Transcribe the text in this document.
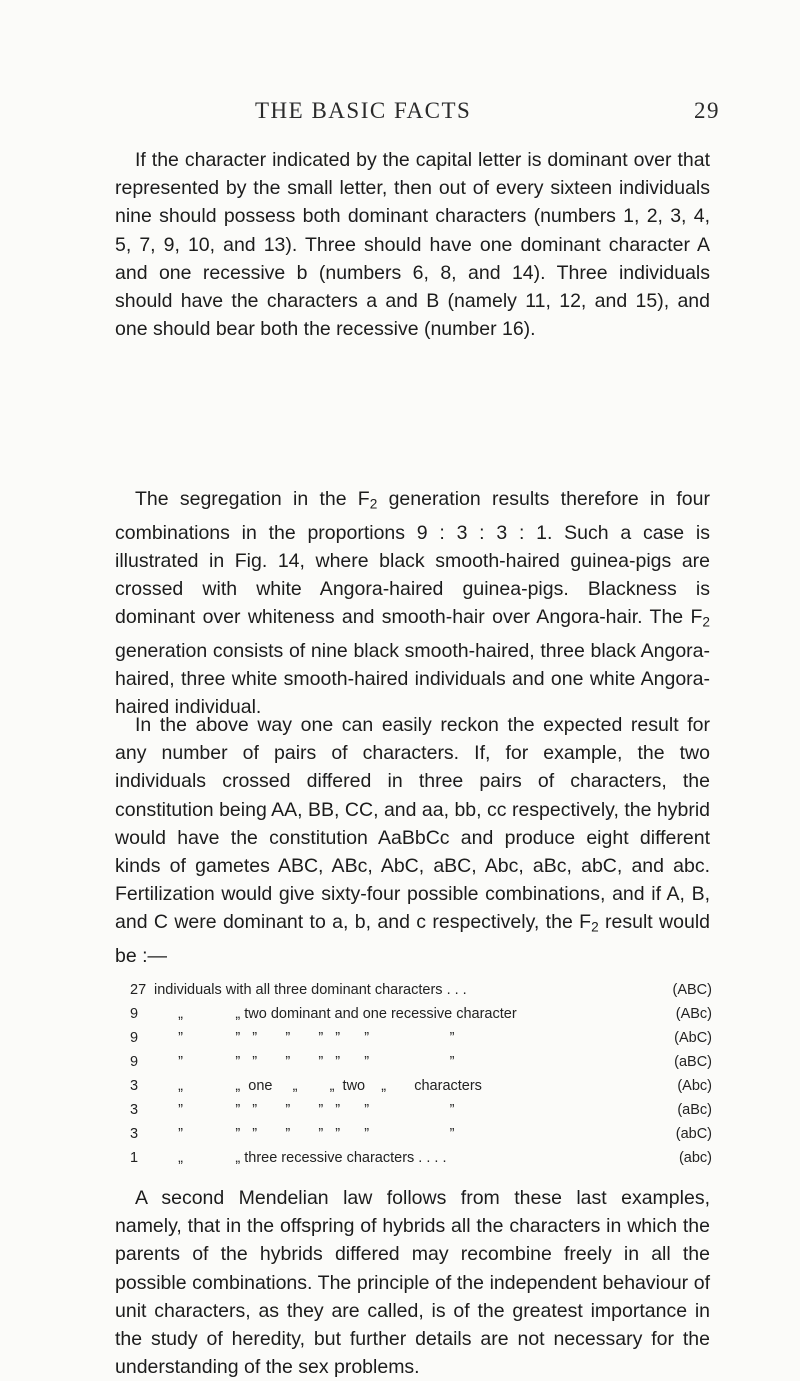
THE BASIC FACTS	29

If the character indicated by the capital letter is dominant over that represented by the small letter, then out of every sixteen individuals nine should possess both dominant characters (numbers 1, 2, 3, 4, 5, 7, 9, 10, and 13). Three should have one dominant character A and one recessive b (numbers 6, 8, and 14). Three individuals should have the characters a and B (namely 11, 12, and 15), and one should bear both the recessive (number 16).

The segregation in the $F_2$ generation results therefore in four combinations in the proportions 9 : 3 : 3 : 1. Such a case is illustrated in Fig. 14, where black smooth-haired guinea-pigs are crossed with white Angora-haired guinea-pigs. Blackness is dominant over whiteness and smooth-hair over Angora-hair. The $F_2$ generation consists of nine black smooth-haired, three black Angora-haired, three white smooth-haired individuals and one white Angora-haired individual.

In the above way one can easily reckon the expected result for any number of pairs of characters. If, for example, the two individuals crossed differed in three pairs of characters, the constitution being AA, BB, CC, and aa, bb, cc respectively, the hybrid would have the constitution AaBbCc and produce eight different kinds of gametes ABC, ABc, AbC, aBC, Abc, aBc, abC, and abc. Fertilization would give sixty-four possible combinations, and if A, B, and C were dominant to a, b, and c respectively, the $F_2$ result would be :—

27 individuals with all three dominant characters . . .	(ABC)
9	„             „ two dominant and one recessive character	(ABc)
9	”             ”   ”       ”       ”   ”      ”                    ”	(AbC)
9	”             ”   ”       ”       ”   ”      ”                    ”	(aBC)
3	„             „  one     „        „  two    „       characters	(Abc)
3	”             ”   ”       ”       ”   ”      ”                    ”	(aBc)
3	”             ”   ”       ”       ”   ”      ”                    ”	(abC)
1	„             „ three recessive characters . . . .	(abc)

A second Mendelian law follows from these last examples, namely, that in the offspring of hybrids all the characters in which the parents of the hybrids differed may recombine freely in all the possible combinations. The principle of the independent behaviour of unit characters, as they are called, is of the greatest importance in the study of heredity, but further details are not necessary for the understanding of the sex problems.
